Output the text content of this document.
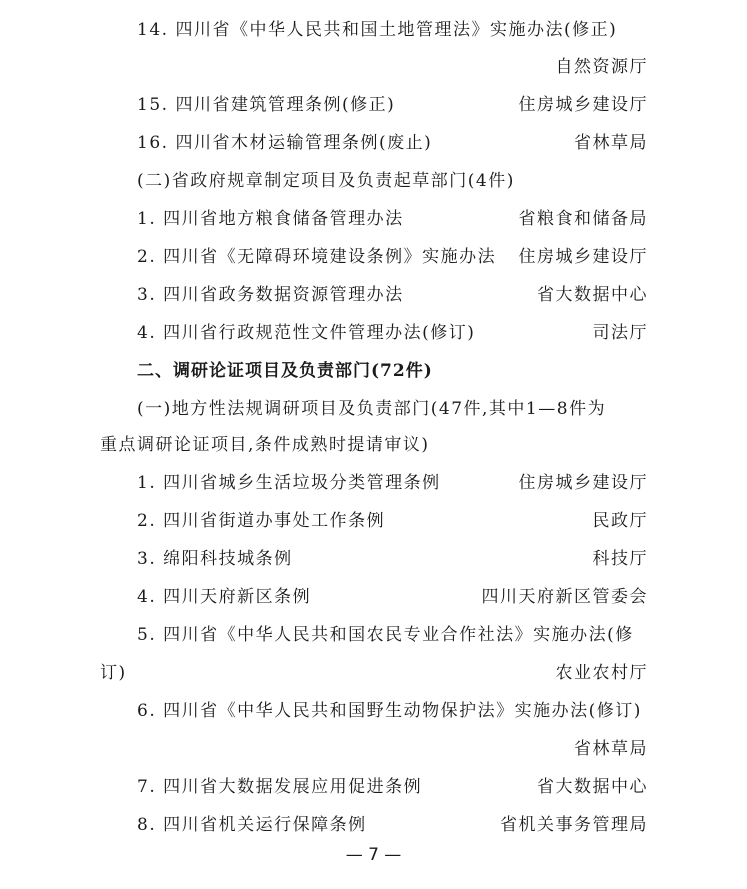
14. 四川省《中华人民共和国土地管理法》实施办法(修正)
自然资源厅
15. 四川省建筑管理条例(修正)	住房城乡建设厅
16. 四川省木材运输管理条例(废止)	省林草局
(二)省政府规章制定项目及负责起草部门(4件)
1. 四川省地方粮食储备管理办法	省粮食和储备局
2. 四川省《无障碍环境建设条例》实施办法	住房城乡建设厅
3. 四川省政务数据资源管理办法	省大数据中心
4. 四川省行政规范性文件管理办法(修订)	司法厅
二、调研论证项目及负责部门(72件)
(一)地方性法规调研项目及负责部门(47件,其中1—8件为
重点调研论证项目,条件成熟时提请审议)
1. 四川省城乡生活垃圾分类管理条例	住房城乡建设厅
2. 四川省街道办事处工作条例	民政厅
3. 绵阳科技城条例	科技厅
4. 四川天府新区条例	四川天府新区管委会
5. 四川省《中华人民共和国农民专业合作社法》实施办法(修
订)	农业农村厅
6. 四川省《中华人民共和国野生动物保护法》实施办法(修订)
省林草局
7. 四川省大数据发展应用促进条例	省大数据中心
8. 四川省机关运行保障条例	省机关事务管理局
— 7 —
